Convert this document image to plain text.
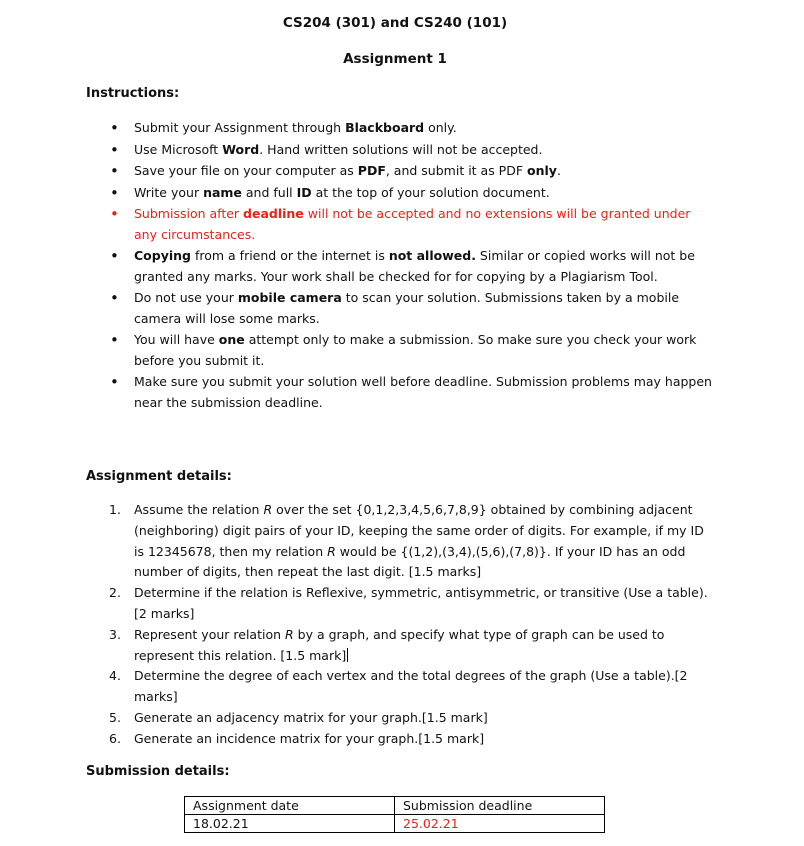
CS204 (301) and CS240 (101)
Assignment 1
Instructions:
• Submit your Assignment through Blackboard only.
• Use Microsoft Word. Hand written solutions will not be accepted.
• Save your file on your computer as PDF, and submit it as PDF only.
• Write your name and full ID at the top of your solution document.
• Submission after deadline will not be accepted and no extensions will be granted under any circumstances.
• Copying from a friend or the internet is not allowed. Similar or copied works will not be granted any marks. Your work shall be checked for for copying by a Plagiarism Tool.
• Do not use your mobile camera to scan your solution. Submissions taken by a mobile camera will lose some marks.
• You will have one attempt only to make a submission. So make sure you check your work before you submit it.
• Make sure you submit your solution well before deadline. Submission problems may happen near the submission deadline.
Assignment details:
1. Assume the relation R over the set {0,1,2,3,4,5,6,7,8,9} obtained by combining adjacent (neighboring) digit pairs of your ID, keeping the same order of digits. For example, if my ID is 12345678, then my relation R would be {(1,2),(3,4),(5,6),(7,8)}. If your ID has an odd number of digits, then repeat the last digit. [1.5 marks]
2. Determine if the relation is Reflexive, symmetric, antisymmetric, or transitive (Use a table).[2 marks]
3. Represent your relation R by a graph, and specify what type of graph can be used to represent this relation. [1.5 mark]
4. Determine the degree of each vertex and the total degrees of the graph (Use a table).[2 marks]
5. Generate an adjacency matrix for your graph.[1.5 mark]
6. Generate an incidence matrix for your graph.[1.5 mark]
Submission details:
Assignment date	Submission deadline
18.02.21	25.02.21
